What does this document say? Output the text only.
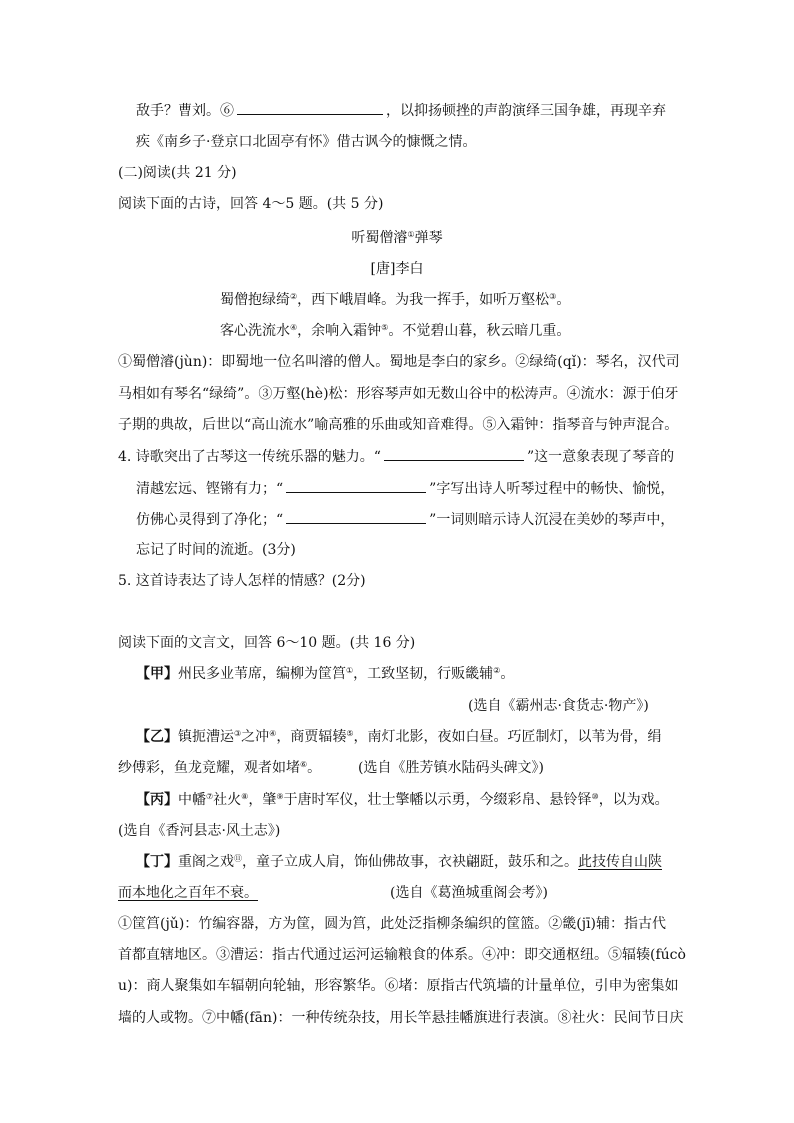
敌手？曹刘。⑥	，以抑扬顿挫的声韵演绎三国争雄，再现辛弃
疾《南乡子·登京口北固亭有怀》借古讽今的慷慨之情。
(二)阅读(共 21 分)
阅读下面的古诗，回答 4～5 题。(共 5 分)
听蜀僧濬①弹琴
[唐]李白
蜀僧抱绿绮②，西下峨眉峰。为我一挥手，如听万壑松③。
客心洗流水④，余响入霜钟⑤。不觉碧山暮，秋云暗几重。
①蜀僧濬(jùn)：即蜀地一位名叫濬的僧人。蜀地是李白的家乡。②绿绮(qǐ)：琴名，汉代司
马相如有琴名“绿绮”。③万壑(hè)松：形容琴声如无数山谷中的松涛声。④流水：源于伯牙
子期的典故，后世以“高山流水”喻高雅的乐曲或知音难得。⑤入霜钟：指琴音与钟声混合。
4. 诗歌突出了古琴这一传统乐器的魅力。“	”这一意象表现了琴音的
清越宏远、铿锵有力；“	”字写出诗人听琴过程中的畅快、愉悦，
仿佛心灵得到了净化；“	”一词则暗示诗人沉浸在美妙的琴声中，
忘记了时间的流逝。(3分)
5. 这首诗表达了诗人怎样的情感？(2分)
阅读下面的文言文，回答 6～10 题。(共 16 分)
【甲】州民多业苇席，编柳为筐筥①，工致坚韧，行贩畿辅②。
(选自《霸州志·食货志·物产》)
【乙】镇扼漕运③之冲④，商贾辐辏⑤，南灯北影，夜如白昼。巧匠制灯，以苇为骨，绢
纱傅彩，鱼龙竞耀，观者如堵⑥。	(选自《胜芳镇水陆码头碑文》)
【丙】中幡⑦社火⑧，肇⑨于唐时军仪，壮士擎幡以示勇，今缀彩帛、悬铃铎⑩，以为戏。
(选自《香河县志·风土志》)
【丁】重阁之戏⑪，童子立成人肩，饰仙佛故事，衣袂翩跹，鼓乐和之。此技传自山陕
而本地化之百年不衰。	(选自《葛渔城重阁会考》)
①筐筥(jǔ)：竹编容器，方为筐，圆为筥，此处泛指柳条编织的筐篮。②畿(jī)辅：指古代
首都直辖地区。③漕运：指古代通过运河运输粮食的体系。④冲：即交通枢纽。⑤辐辏(fúcò
u)：商人聚集如车辐朝向轮轴，形容繁华。⑥堵：原指古代筑墙的计量单位，引申为密集如
墙的人或物。⑦中幡(fān)：一种传统杂技，用长竿悬挂幡旗进行表演。⑧社火：民间节日庆
